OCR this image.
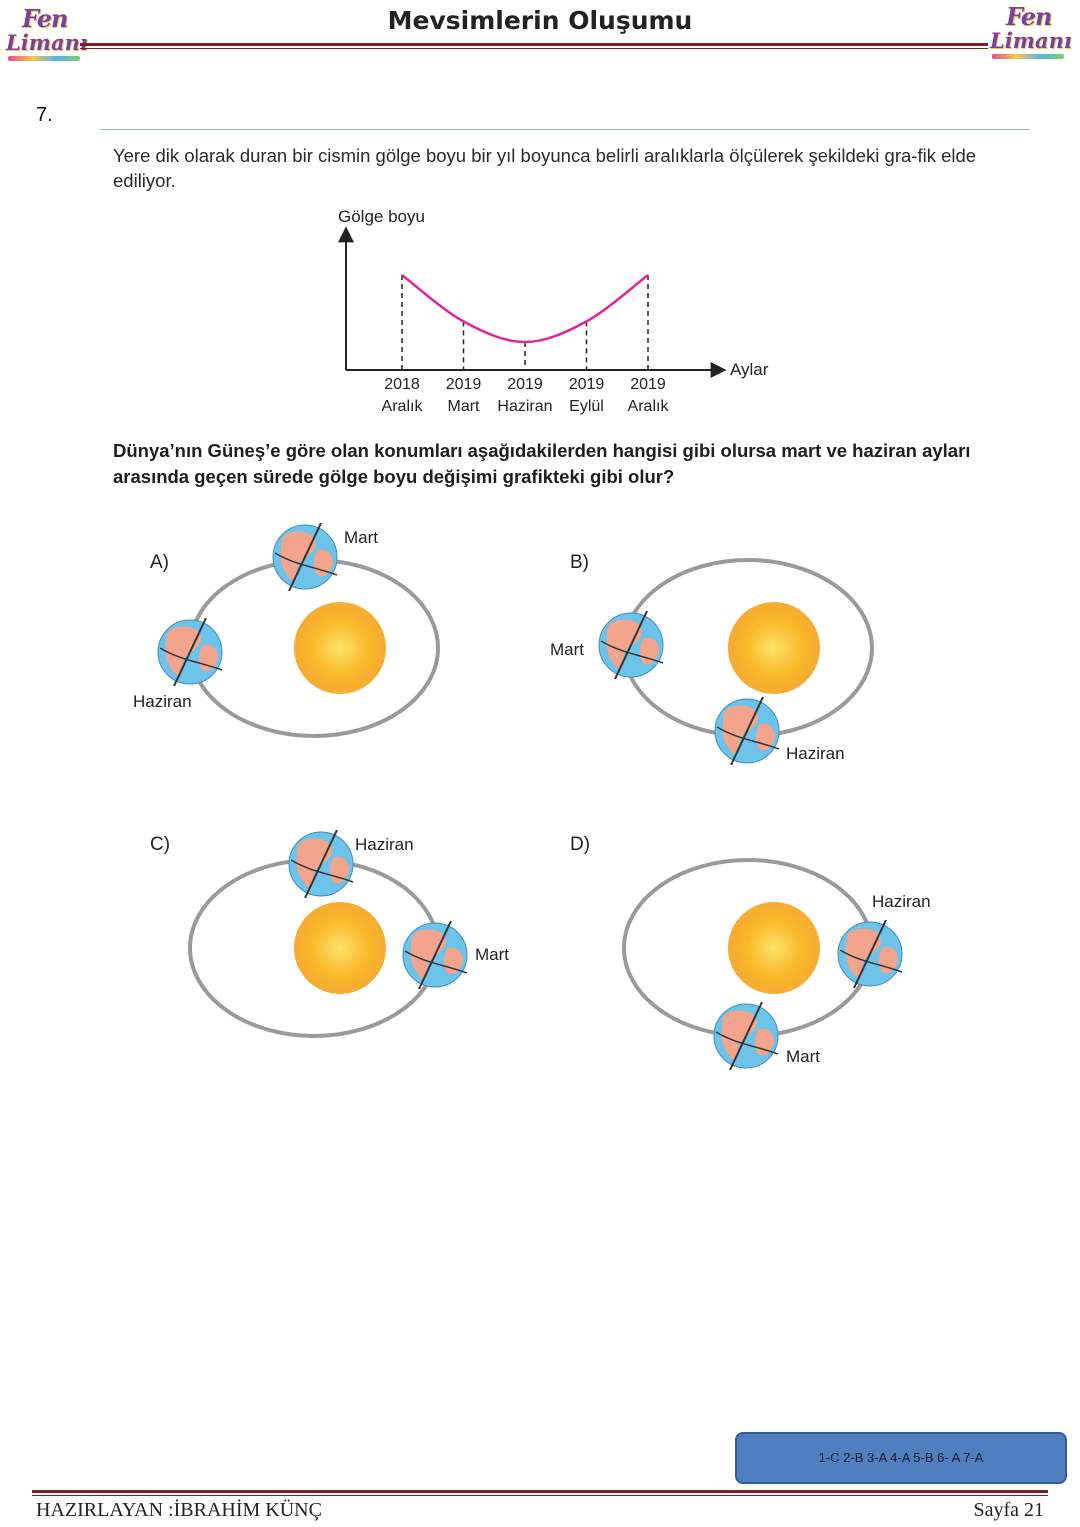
Fen
Limanı
Fen
Limanı
Mevsimlerin Oluşumu
7.
Yere dik olarak duran bir cismin gölge boyu bir yıl boyunca belirli aralıklarla ölçülerek şekildeki gra-fik elde ediliyor.
Gölge boyu
Aylar
2018
Aralık
2019
Mart
2019
Haziran
2019
Eylül
2019
Aralık
Dünya’nın Güneş’e göre olan konumları aşağıdakilerden hangisi gibi olursa mart ve haziran ayları arasında geçen sürede gölge boyu değişimi grafikteki gibi olur?
A)
Mart
Haziran
B)
Mart
Haziran
C)	Haziran
Mart
D)
Haziran
Mart
1-C 2-B 3-A 4-A 5-B 6- A 7-A
HAZIRLAYAN :İBRAHİM KÜNÇ	Sayfa 21
